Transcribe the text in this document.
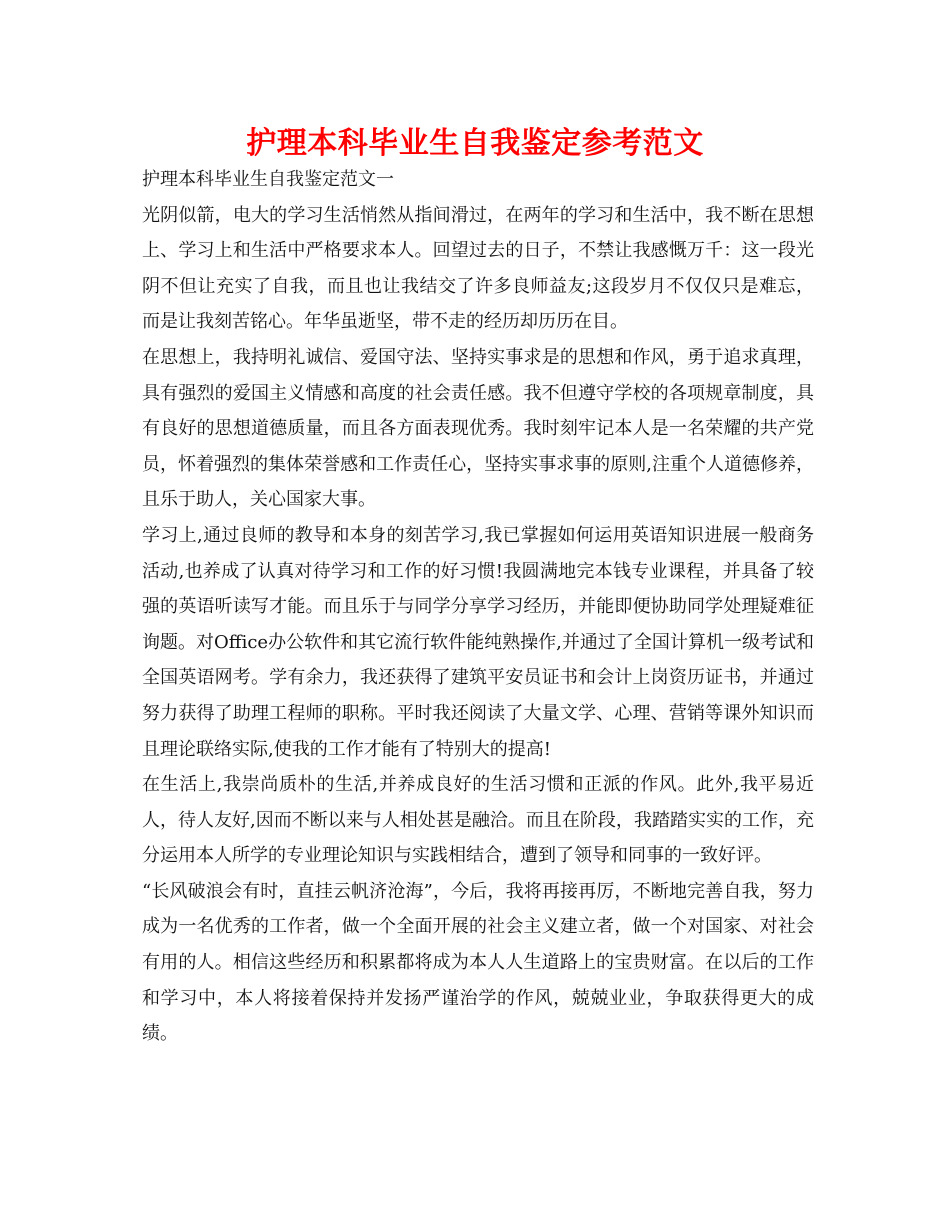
护理本科毕业生自我鉴定参考范文

护理本科毕业生自我鉴定范文一

光阴似箭，电大的学习生活悄然从指间滑过，在两年的学习和生活中，我不断在思想上、学习上和生活中严格要求本人。回望过去的日子，不禁让我感慨万千：这一段光阴不但让充实了自我，而且也让我结交了许多良师益友;这段岁月不仅仅只是难忘，而是让我刻苦铭心。年华虽逝坚，带不走的经历却历历在目。

在思想上，我持明礼诚信、爱国守法、坚持实事求是的思想和作风，勇于追求真理，具有强烈的爱国主义情感和高度的社会责任感。我不但遵守学校的各项规章制度，具有良好的思想道德质量，而且各方面表现优秀。我时刻牢记本人是一名荣耀的共产党员，怀着强烈的集体荣誉感和工作责任心，坚持实事求事的原则,注重个人道德修养，且乐于助人，关心国家大事。

学习上,通过良师的教导和本身的刻苦学习,我已掌握如何运用英语知识进展一般商务活动,也养成了认真对待学习和工作的好习惯!我圆满地完本钱专业课程，并具备了较强的英语听读写才能。而且乐于与同学分享学习经历，并能即便协助同学处理疑难征询题。对Office办公软件和其它流行软件能纯熟操作,并通过了全国计算机一级考试和全国英语网考。学有余力，我还获得了建筑平安员证书和会计上岗资历证书，并通过努力获得了助理工程师的职称。平时我还阅读了大量文学、心理、营销等课外知识而且理论联络实际,使我的工作才能有了特别大的提高!

在生活上,我崇尚质朴的生活,并养成良好的生活习惯和正派的作风。此外,我平易近人，待人友好,因而不断以来与人相处甚是融洽。而且在阶段，我踏踏实实的工作，充分运用本人所学的专业理论知识与实践相结合，遭到了领导和同事的一致好评。

“长风破浪会有时，直挂云帆济沧海”，今后，我将再接再厉，不断地完善自我，努力成为一名优秀的工作者，做一个全面开展的社会主义建立者，做一个对国家、对社会有用的人。相信这些经历和积累都将成为本人人生道路上的宝贵财富。在以后的工作和学习中，本人将接着保持并发扬严谨治学的作风，兢兢业业，争取获得更大的成绩。
